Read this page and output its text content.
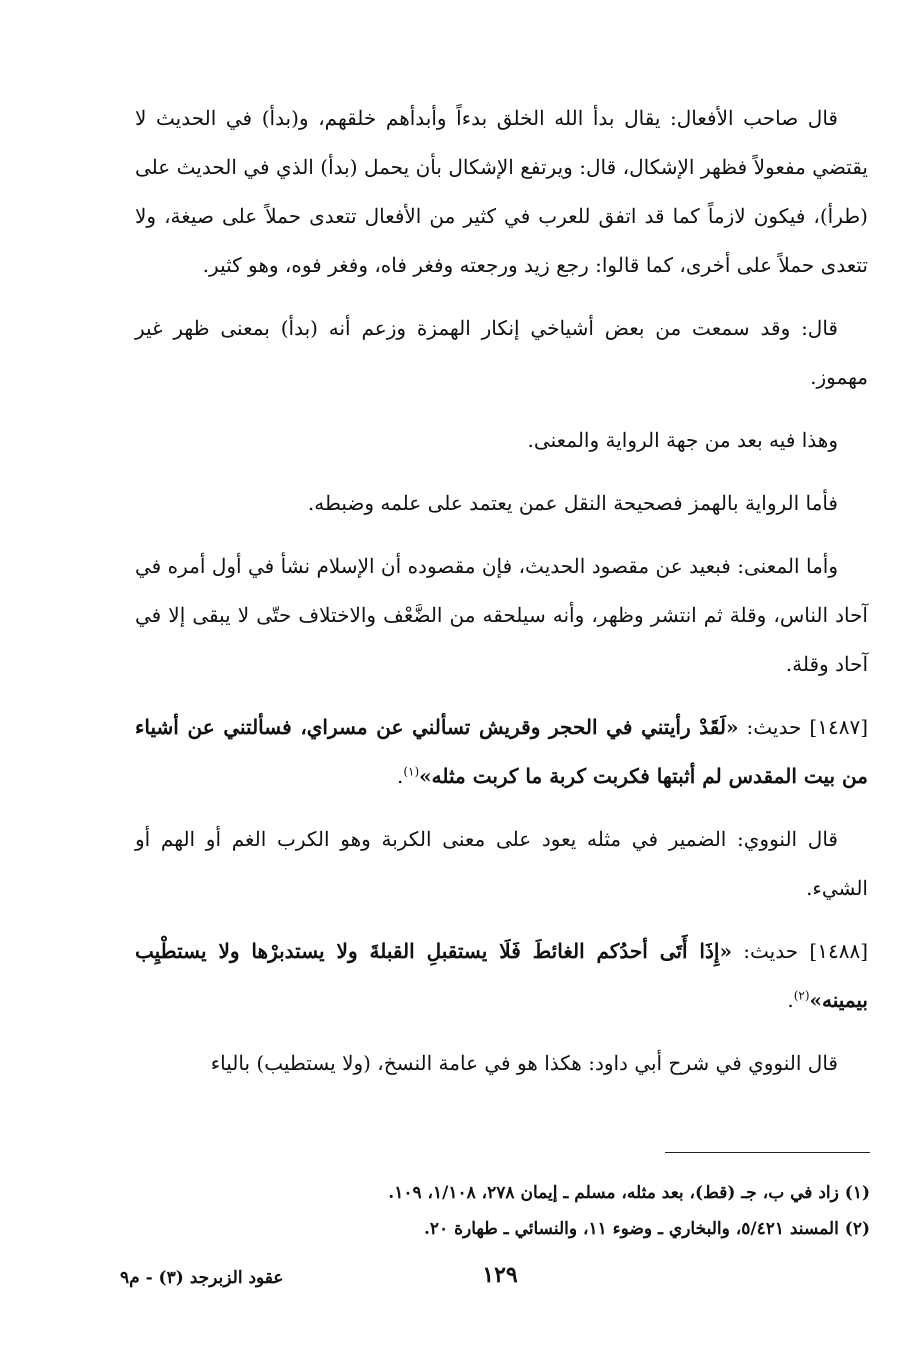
قال صاحب الأفعال: يقال بدأ الله الخلق بدءاً وأبدأهم خلقهم، و(بدأ) في الحديث لا يقتضي مفعولاً فظهر الإشكال، قال: ويرتفع الإشكال بأن يحمل (بدأ) الذي في الحديث على (طرأ)، فيكون لازماً كما قد اتفق للعرب في كثير من الأفعال تتعدى حملاً على صيغة، ولا تتعدى حملاً على أخرى، كما قالوا: رجع زيد ورجعته وفغر فاه، وفغر فوه، وهو كثير.

قال: وقد سمعت من بعض أشياخي إنكار الهمزة وزعم أنه (بدأ) بمعنى ظهر غير مهموز.

وهذا فيه بعد من جهة الرواية والمعنى.

فأما الرواية بالهمز فصحيحة النقل عمن يعتمد على علمه وضبطه.

وأما المعنى: فبعيد عن مقصود الحديث، فإن مقصوده أن الإسلام نشأ في أول أمره في آحاد الناس، وقلة ثم انتشر وظهر، وأنه سيلحقه من الضَّعْف والاختلاف حتّى لا يبقى إلا في آحاد وقلة.

[١٤٨٧] حديث: «لَقَدْ رأيتني في الحجر وقريش تسألني عن مسراي، فسألتني عن أشياء من بيت المقدس لم أثبتها فكربت كربة ما كربت مثله»$^{(١)}$.

قال النووي: الضمير في مثله يعود على معنى الكربة وهو الكرب الغم أو الهم أو الشيء.

[١٤٨٨] حديث: «إِذَا أَتَى أحدُكم الغائطَ فَلَا يستقبلِ القبلةَ ولا يستدبرْها ولا يستطْيِب بيمينه»$^{(٢)}$.

قال النووي في شرح أبي داود: هكذا هو في عامة النسخ، (ولا يستطيب) بالياء

(١) زاد في ب، جـ (قط)، بعد مثله، مسلم ـ إيمان ٢٧٨، ١/١٠٨، ١٠٩.

(٢) المسند ٥/٤٢١، والبخاري ـ وضوء ١١، والنسائي ـ طهارة ٢٠.

١٢٩
عقود الزبرجد (٣) - م٩
